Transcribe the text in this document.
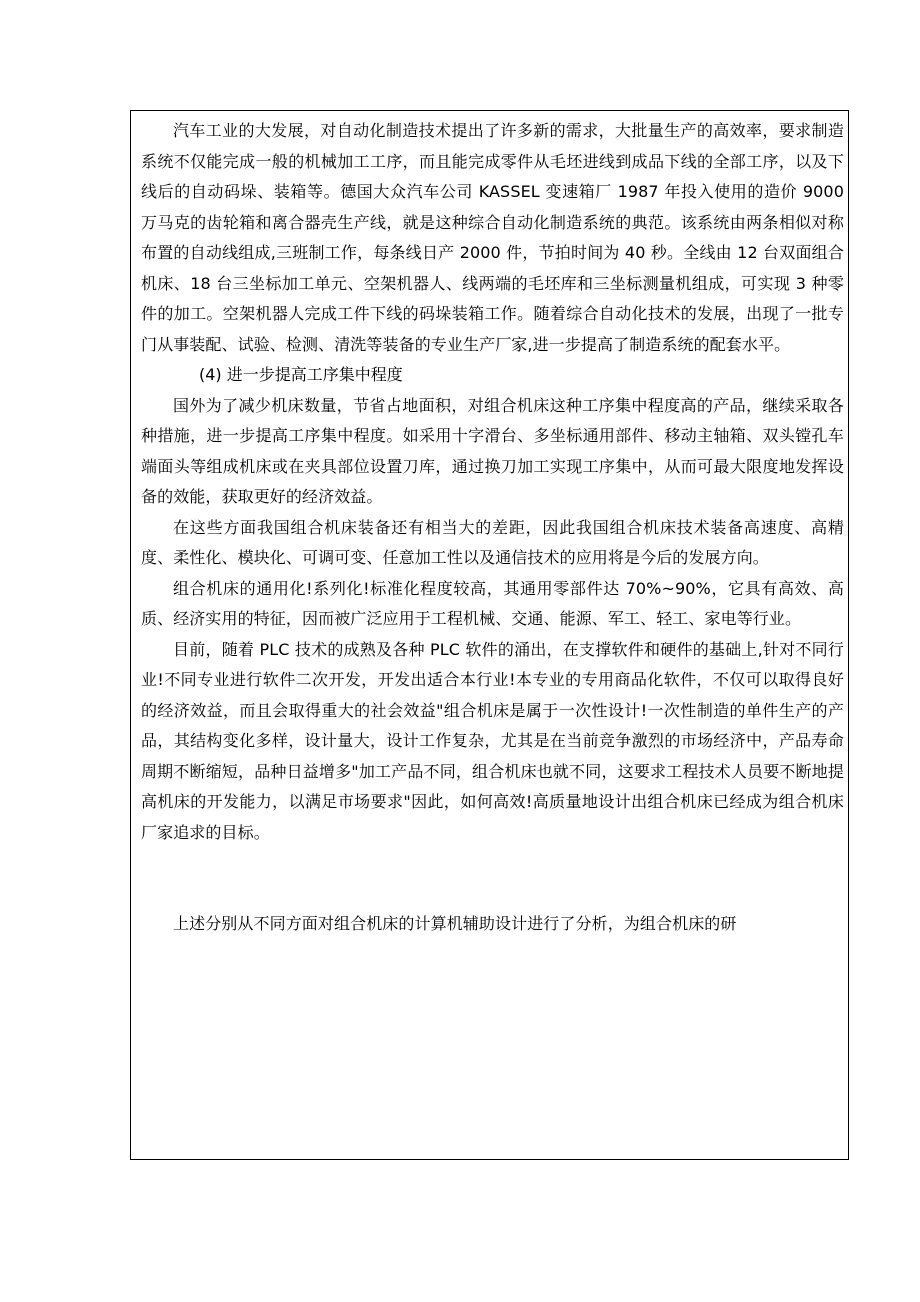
汽车工业的大发展，对自动化制造技术提出了许多新的需求，大批量生产的高效率，要求制造系统不仅能完成一般的机械加工工序，而且能完成零件从毛坯进线到成品下线的全部工序，以及下线后的自动码垛、装箱等。德国大众汽车公司 KASSEL 变速箱厂 1987 年投入使用的造价 9000 万马克的齿轮箱和离合器壳生产线，就是这种综合自动化制造系统的典范。该系统由两条相似对称布置的自动线组成,三班制工作，每条线日产 2000 件，节拍时间为 40 秒。全线由 12 台双面组合机床、18 台三坐标加工单元、空架机器人、线两端的毛坯库和三坐标测量机组成，可实现 3 种零件的加工。空架机器人完成工件下线的码垛装箱工作。随着综合自动化技术的发展，出现了一批专门从事装配、试验、检测、清洗等装备的专业生产厂家,进一步提高了制造系统的配套水平。

(4) 进一步提高工序集中程度

国外为了减少机床数量，节省占地面积，对组合机床这种工序集中程度高的产品，继续采取各种措施，进一步提高工序集中程度。如采用十字滑台、多坐标通用部件、移动主轴箱、双头镗孔车端面头等组成机床或在夹具部位设置刀库，通过换刀加工实现工序集中，从而可最大限度地发挥设备的效能，获取更好的经济效益。

在这些方面我国组合机床装备还有相当大的差距，因此我国组合机床技术装备高速度、高精度、柔性化、模块化、可调可变、任意加工性以及通信技术的应用将是今后的发展方向。

组合机床的通用化!系列化!标准化程度较高，其通用零部件达 70%~90%，它具有高效、高质、经济实用的特征，因而被广泛应用于工程机械、交通、能源、军工、轻工、家电等行业。

目前，随着 PLC 技术的成熟及各种 PLC 软件的涌出，在支撑软件和硬件的基础上,针对不同行业!不同专业进行软件二次开发，开发出适合本行业!本专业的专用商品化软件，不仅可以取得良好的经济效益，而且会取得重大的社会效益"组合机床是属于一次性设计!一次性制造的单件生产的产品，其结构变化多样，设计量大，设计工作复杂，尤其是在当前竞争激烈的市场经济中，产品寿命周期不断缩短，品种日益增多"加工产品不同，组合机床也就不同，这要求工程技术人员要不断地提高机床的开发能力，以满足市场要求"因此，如何高效!高质量地设计出组合机床已经成为组合机床厂家追求的目标。

上述分别从不同方面对组合机床的计算机辅助设计进行了分析，为组合机床的研
